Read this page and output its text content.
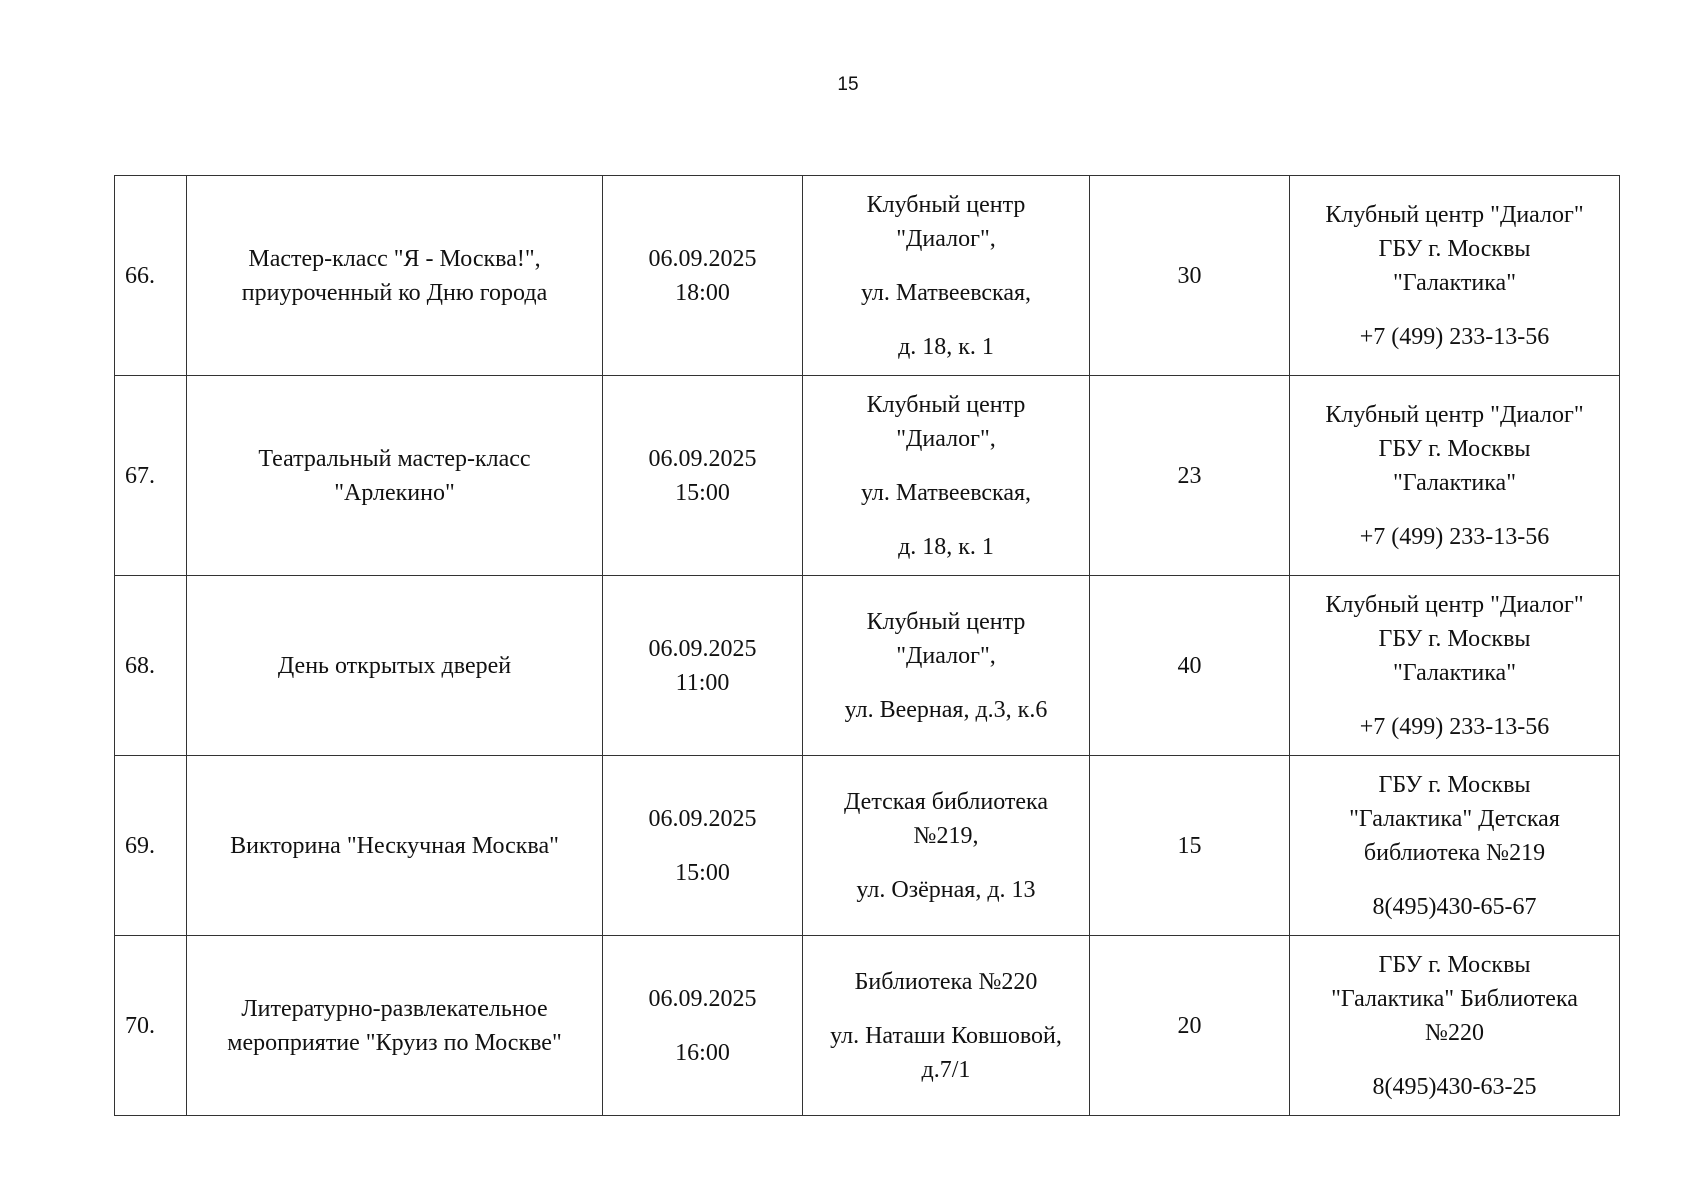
15
66.	Мастер-класс "Я - Москва!",
приуроченный ко Дню города	06.09.2025
18:00	Клубный центр
"Диалог",
ул. Матвеевская,
д. 18, к. 1	30	Клубный центр "Диалог"
ГБУ г. Москвы
"Галактика"
+7 (499) 233-13-56

67.	Театральный мастер-класс
"Арлекино"	06.09.2025
15:00	Клубный центр
"Диалог",
ул. Матвеевская,
д. 18, к. 1	23	Клубный центр "Диалог"
ГБУ г. Москвы
"Галактика"
+7 (499) 233-13-56

68.	День открытых дверей	06.09.2025
11:00	Клубный центр
"Диалог",
ул. Веерная, д.3, к.6	40	Клубный центр "Диалог"
ГБУ г. Москвы
"Галактика"
+7 (499) 233-13-56

69.	Викторина "Нескучная Москва"	06.09.2025
15:00	Детская библиотека
№219,
ул. Озёрная, д. 13	15	ГБУ г. Москвы
"Галактика" Детская
библиотека №219
8(495)430-65-67

70.	Литературно-развлекательное
мероприятие "Круиз по Москве"	06.09.2025
16:00	Библиотека №220
ул. Наташи Ковшовой,
д.7/1	20	ГБУ г. Москвы
"Галактика" Библиотека
№220
8(495)430-63-25
